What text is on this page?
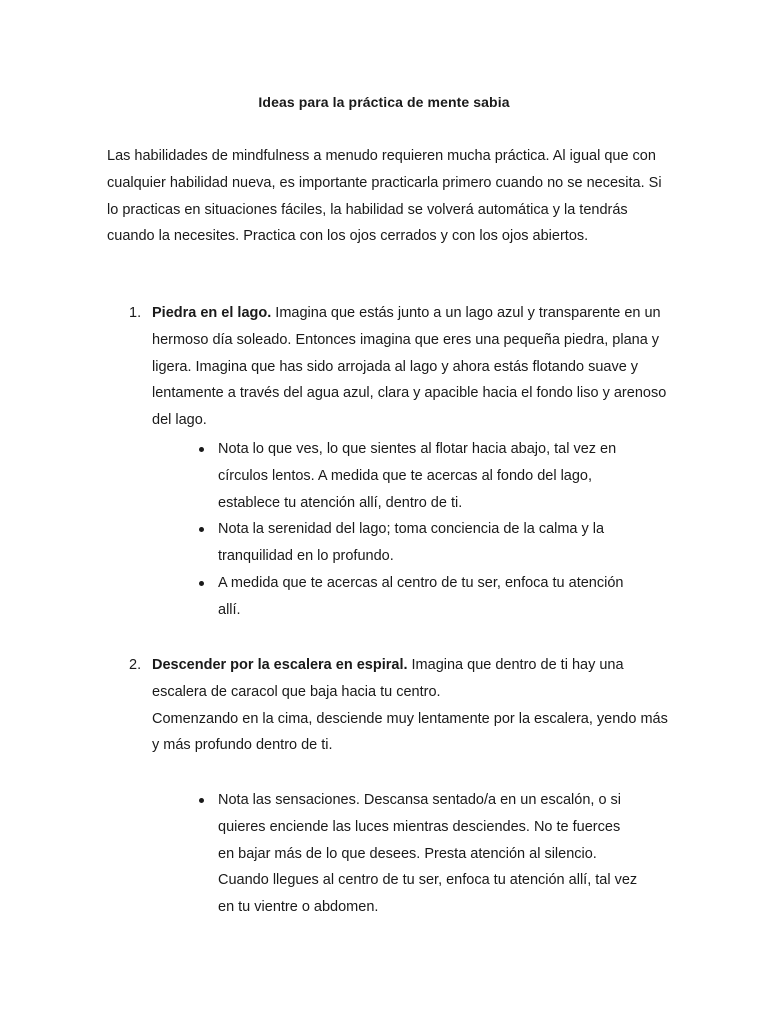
Ideas para la práctica de mente sabia

Las habilidades de mindfulness a menudo requieren mucha práctica. Al igual que con cualquier habilidad nueva, es importante practicarla primero cuando no se necesita. Si lo practicas en situaciones fáciles, la habilidad se volverá automática y la tendrás cuando la necesites. Practica con los ojos cerrados y con los ojos abiertos.

1. Piedra en el lago. Imagina que estás junto a un lago azul y transparente en un hermoso día soleado. Entonces imagina que eres una pequeña piedra, plana y ligera. Imagina que has sido arrojada al lago y ahora estás flotando suave y lentamente a través del agua azul, clara y apacible hacia el fondo liso y arenoso del lago.
Nota lo que ves, lo que sientes al flotar hacia abajo, tal vez en círculos lentos. A medida que te acercas al fondo del lago, establece tu atención allí, dentro de ti.
Nota la serenidad del lago; toma conciencia de la calma y la tranquilidad en lo profundo.
A medida que te acercas al centro de tu ser, enfoca tu atención allí.
2. Descender por la escalera en espiral. Imagina que dentro de ti hay una escalera de caracol que baja hacia tu centro.
Comenzando en la cima, desciende muy lentamente por la escalera, yendo más y más profundo dentro de ti.
Nota las sensaciones. Descansa sentado/a en un escalón, o si quieres enciende las luces mientras desciendes. No te fuerces en bajar más de lo que desees. Presta atención al silencio. Cuando llegues al centro de tu ser, enfoca tu atención allí, tal vez en tu vientre o abdomen.
